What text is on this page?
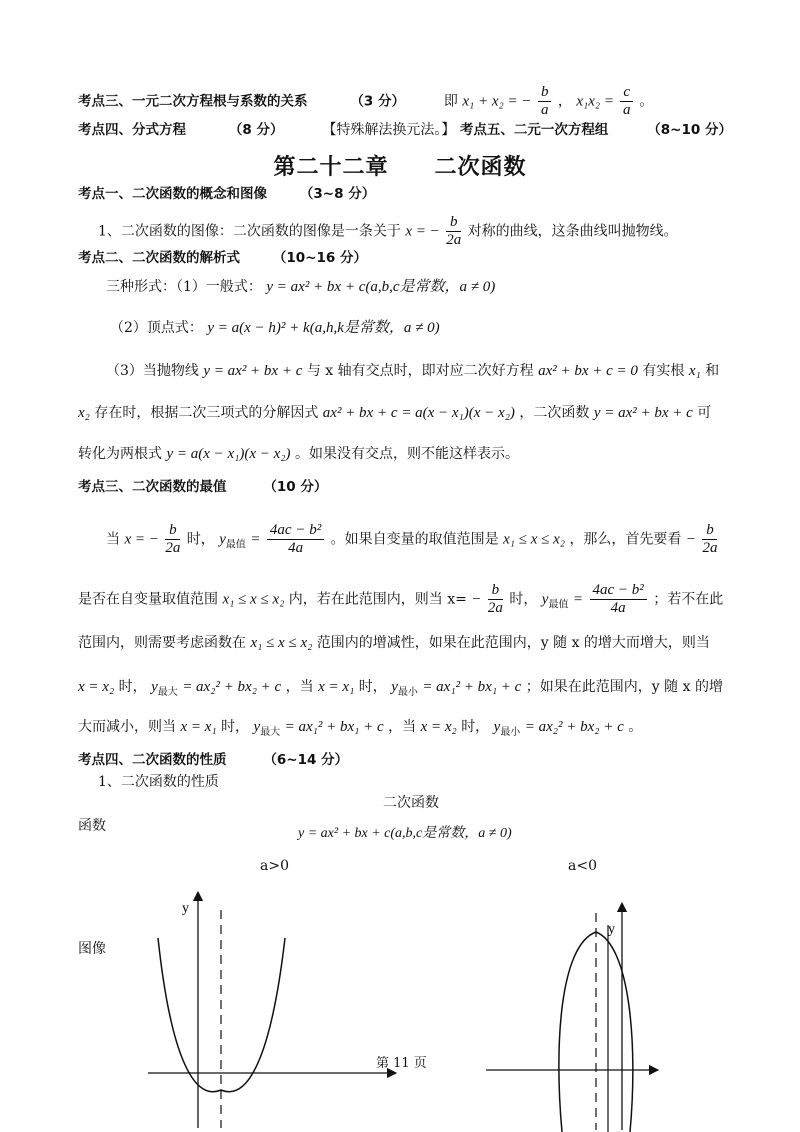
考点三、一元二次方程根与系数的关系	（3 分）	即 x₁ + x₂ = − $\frac{b}{a}$ ， $x_1x_2 = \frac{c}{a}$ 。
考点四、分式方程	（8 分）	【特殊解法换元法。】 考点五、二元一次方程组	（8~10 分）
第二十二章　　二次函数
考点一、二次函数的概念和图像 （3~8 分）
1、二次函数的图像：二次函数的图像是一条关于 x = − $\frac{b}{2a}$ 对称的曲线，这条曲线叫抛物线。
考点二、二次函数的解析式 （10~16 分）
三种形式：（1）一般式： y = ax² + bx + c(a,b,c是常数，a ≠ 0)
（2）顶点式： y = a(x − h)² + k(a,h,k是常数，a ≠ 0)
（3）当抛物线 y = ax² + bx + c 与 x 轴有交点时，即对应二次好方程 ax² + bx + c = 0 有实根 x₁ 和
x₂ 存在时，根据二次三项式的分解因式 ax² + bx + c = a(x − x₁)(x − x₂) ，二次函数 y = ax² + bx + c 可
转化为两根式 y = a(x − x₁)(x − x₂) 。如果没有交点，则不能这样表示。
考点三、二次函数的最值	（10 分）
当 x = − $\frac{b}{2a}$ 时， $y_{最值} = \frac{\text{4ac − b²}}{4a}$ 。如果自变量的取值范围是 x₁ ≤ x ≤ x₂ ，那么，首先要看 − $\frac{b}{2a}$
是否在自变量取值范围 x₁ ≤ x ≤ x₂ 内，若在此范围内，则当 $x= - \frac{b}{2a}$ 时， $y_{最值} = \frac{\text{4ac − b²}}{4a}$ ；若不在此
范围内，则需要考虑函数在 x₁ ≤ x ≤ x₂ 范围内的增减性，如果在此范围内，y 随 x 的增大而增大，则当
x = x₂ 时， $y_{最大} = ax_2^2 + bx_2 + c$ ，当 x = x₁ 时， $y_{最小} = ax_1^2 + bx_1 + c$ ；如果在此范围内，y 随 x 的增
大而减小，则当 x = x₁ 时， $y_{最大} = ax_1^2 + bx_1 + c$ ，当 x = x₂ 时， $y_{最小} = ax_2^2 + bx_2 + c$ 。
考点四、二次函数的性质	（6~14 分）
1、二次函数的性质
二次函数
函数	y = ax² + bx + c(a,b,c是常数，a ≠ 0)
a>0	a<0
图像
y
y
第 11 页
